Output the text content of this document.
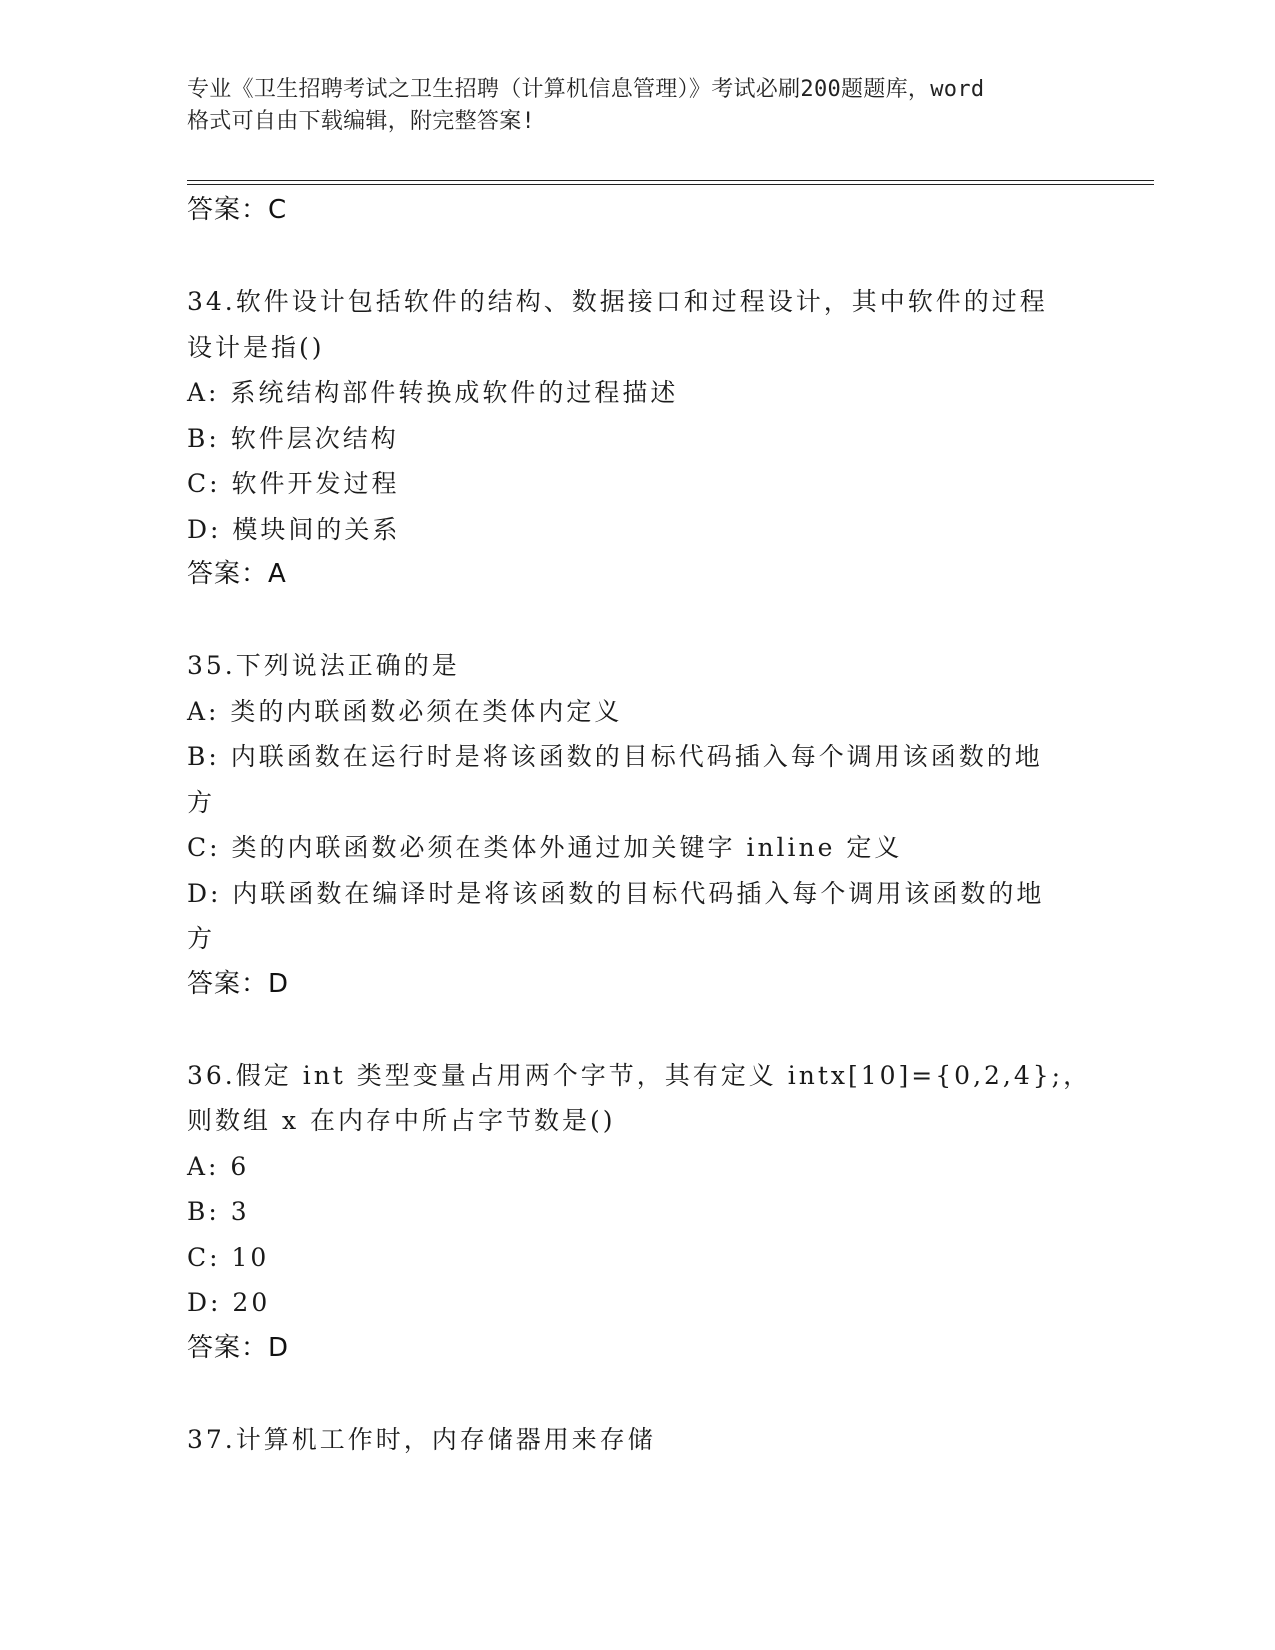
专业《卫生招聘考试之卫生招聘（计算机信息管理）》考试必刷200题题库，word
格式可自由下载编辑，附完整答案!
答案：C
34.软件设计包括软件的结构、数据接口和过程设计，其中软件的过程
设计是指()
A: 系统结构部件转换成软件的过程描述
B: 软件层次结构
C: 软件开发过程
D: 模块间的关系
答案：A
35.下列说法正确的是
A: 类的内联函数必须在类体内定义
B: 内联函数在运行时是将该函数的目标代码插入每个调用该函数的地
方
C: 类的内联函数必须在类体外通过加关键字 inline 定义
D: 内联函数在编译时是将该函数的目标代码插入每个调用该函数的地
方
答案：D
36.假定 int 类型变量占用两个字节，其有定义 intx[10]={0,2,4};，
则数组 x 在内存中所占字节数是()
A: 6
B: 3
C: 10
D: 20
答案：D
37.计算机工作时，内存储器用来存储
